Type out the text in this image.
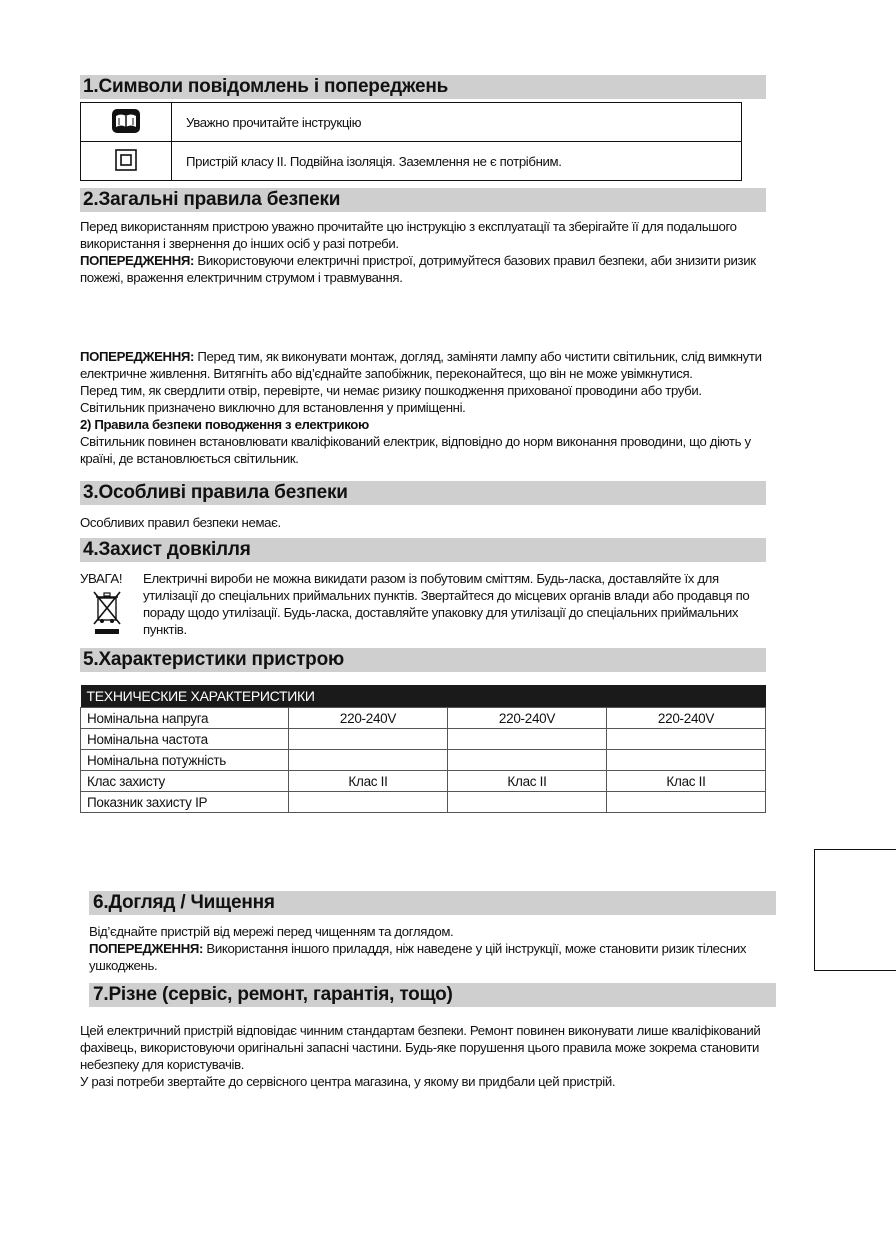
1.Символи повідомлень і попереджень
	Уважно прочитайте інструкцію
	Пристрій класу II. Подвійна ізоляція. Заземлення не є потрібним.
2.Загальні правила безпеки

Перед використанням пристрою уважно прочитайте цю інструкцію з експлуатації та зберігайте її для подальшого використання і звернення до інших осіб у разі потреби.

ПОПЕРЕДЖЕННЯ: Використовуючи електричні пристрої, дотримуйтеся базових правил безпеки, аби знизити ризик пожежі, враження електричним струмом і травмування.

ПОПЕРЕДЖЕННЯ: Перед тим, як виконувати монтаж, догляд, заміняти лампу або чистити світильник, слід вимкнути електричне живлення. Витягніть або від’єднайте запобіжник, переконайтеся, що він не може увімкнутися.

Перед тим, як свердлити отвір, перевірте, чи немає ризику пошкодження прихованої проводини або труби.

Світильник призначено виключно для встановлення у приміщенні.

2) Правила безпеки поводження з електрикою

Світильник повинен встановлювати кваліфікований електрик, відповідно до норм виконання проводини, що діють у країні, де встановлюється світильник.

3.Особливі правила безпеки
Особливих правил безпеки немає.
4.Захист довкілля
УВАГА! Електричні вироби не можна викидати разом із побутовим сміттям. Будь-ласка, доставляйте їх для утилізації до спеціальних приймальних пунктів. Звертайтеся до місцевих органів влади або продавця по пораду щодо утилізації. Будь-ласка, доставляйте упаковку для утилізації до спеціальних приймальних пунктів.
5.Характеристики пристрою
ТЕХНИЧЕСКИЕ ХАРАКТЕРИСТИКИ			
Номінальна напруга	220-240V	220-240V	220-240V
Номінальна частота			
Номінальна потужність			
Клас захисту	Клас II	Клас II	Клас II
Показник захисту IP			
6.Догляд / Чищення

Від’єднайте пристрій від мережі перед чищенням та доглядом.

ПОПЕРЕДЖЕННЯ: Використання іншого приладдя, ніж наведене у цій інструкції, може становити ризик тілесних ушкоджень.

7.Різне (сервіс, ремонт, гарантія, тощо)

Цей електричний пристрій відповідає чинним стандартам безпеки. Ремонт повинен виконувати лише кваліфікований фахівець, використовуючи оригінальні запасні частини. Будь-яке порушення цього правила може зокрема становити небезпеку для користувачів.

У разі потреби звертайте до сервісного центра магазина, у якому ви придбали цей пристрій.
